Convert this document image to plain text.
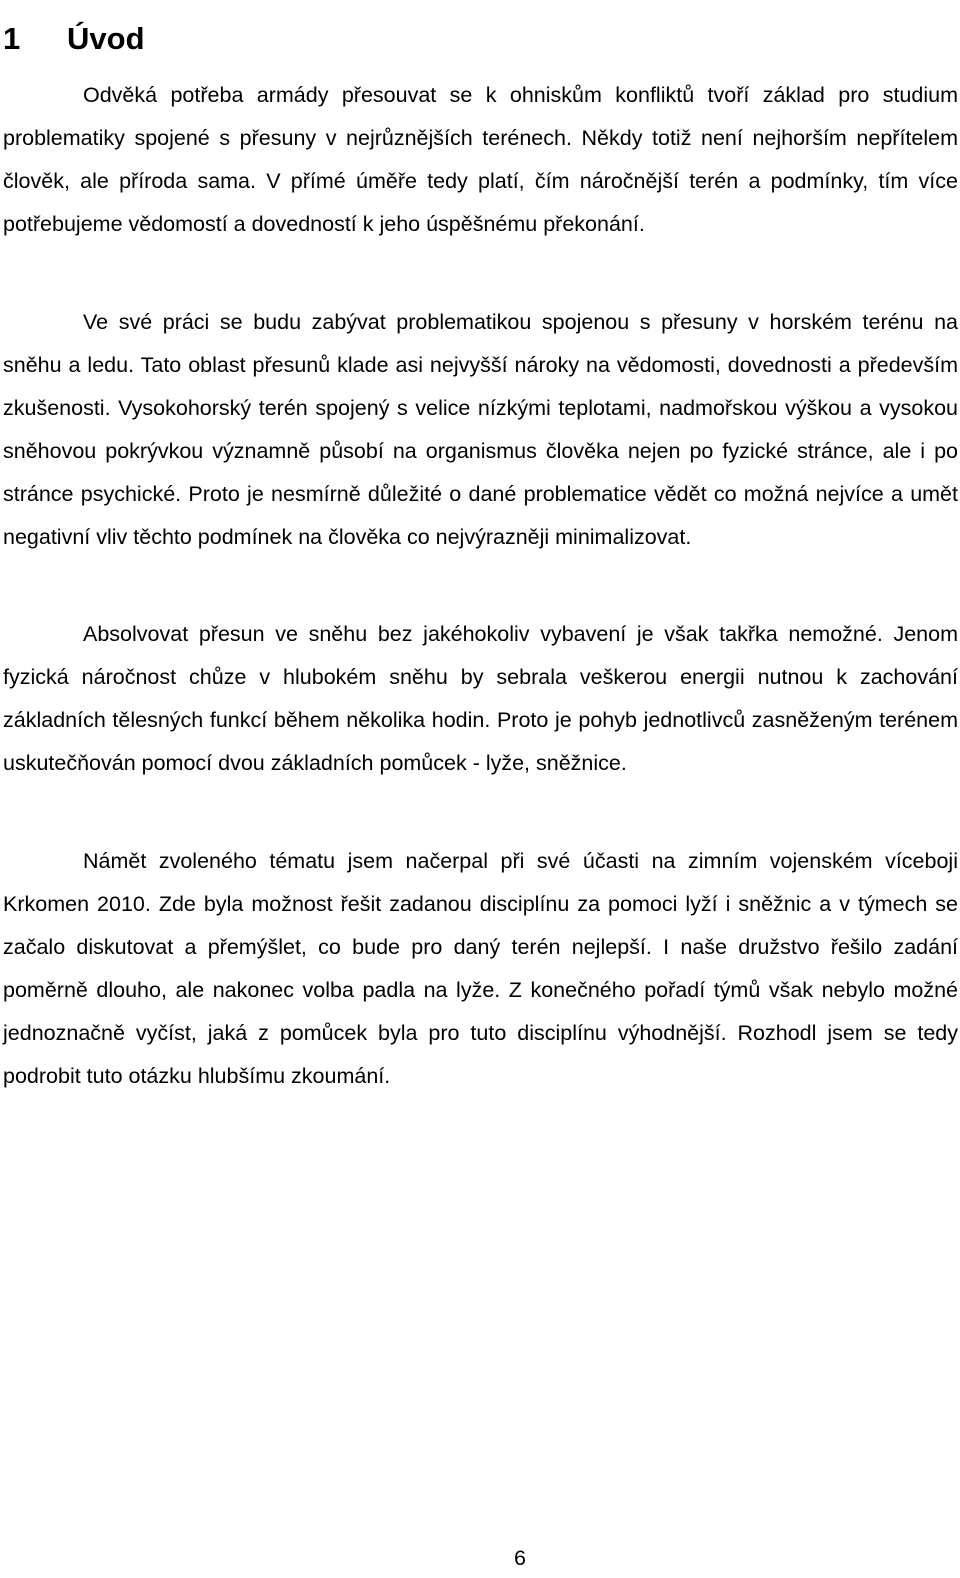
1 Úvod

Odvěká potřeba armády přesouvat se k ohniskům konfliktů tvoří základ pro studium problematiky spojené s přesuny v nejrůznějších terénech. Někdy totiž není nejhorším nepřítelem člověk, ale příroda sama. V přímé úměře tedy platí, čím náročnější terén a podmínky, tím více potřebujeme vědomostí a dovedností k jeho úspěšnému překonání.

Ve své práci se budu zabývat problematikou spojenou s přesuny v horském terénu na sněhu a ledu. Tato oblast přesunů klade asi nejvyšší nároky na vědomosti, dovednosti a především zkušenosti. Vysokohorský terén spojený s velice nízkými teplotami, nadmořskou výškou a vysokou sněhovou pokrývkou významně působí na organismus člověka nejen po fyzické stránce, ale i po stránce psychické. Proto je nesmírně důležité o dané problematice vědět co možná nejvíce a umět negativní vliv těchto podmínek na člověka co nejvýrazněji minimalizovat.

Absolvovat přesun ve sněhu bez jakéhokoliv vybavení je však takřka nemožné. Jenom fyzická náročnost chůze v hlubokém sněhu by sebrala veškerou energii nutnou k zachování základních tělesných funkcí během několika hodin. Proto je pohyb jednotlivců zasněženým terénem uskutečňován pomocí dvou základních pomůcek - lyže, sněžnice.

Námět zvoleného tématu jsem načerpal při své účasti na zimním vojenském víceboji Krkomen 2010. Zde byla možnost řešit zadanou disciplínu za pomoci lyží i sněžnic a v týmech se začalo diskutovat a přemýšlet, co bude pro daný terén nejlepší. I naše družstvo řešilo zadání poměrně dlouho, ale nakonec volba padla na lyže. Z konečného pořadí týmů však nebylo možné jednoznačně vyčíst, jaká z pomůcek byla pro tuto disciplínu výhodnější. Rozhodl jsem se tedy podrobit tuto otázku hlubšímu zkoumání.

6
